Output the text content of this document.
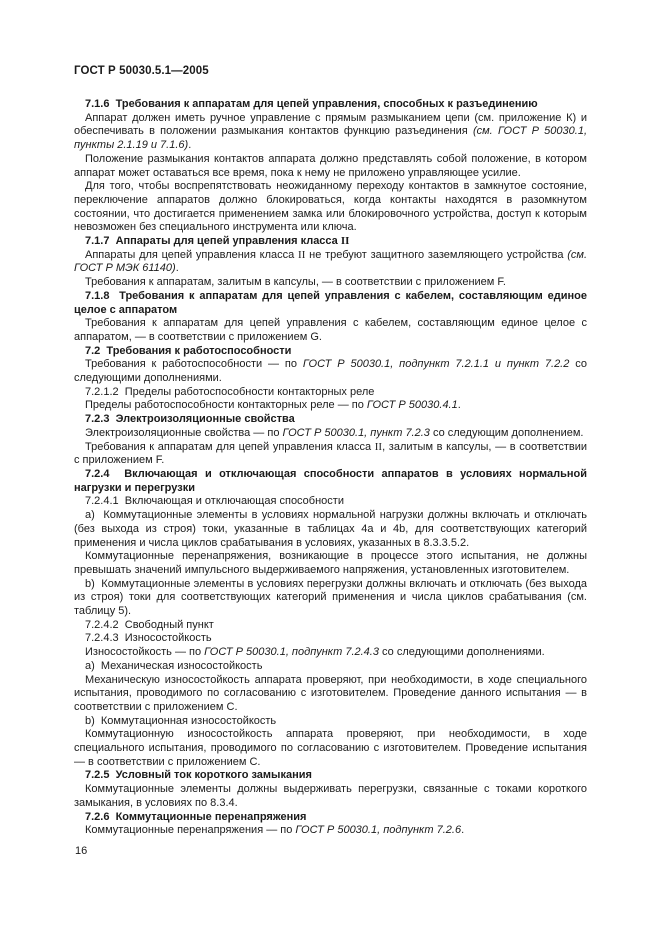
ГОСТ Р 50030.5.1—2005

7.1.6  Требования к аппаратам для цепей управления, способных к разъединению

Аппарат должен иметь ручное управление с прямым размыканием цепи (см. приложение К) и обеспечивать в положении размыкания контактов функцию разъединения (см. ГОСТ Р 50030.1, пункты 2.1.19 и 7.1.6).

Положение размыкания контактов аппарата должно представлять собой положение, в котором аппарат может оставаться все время, пока к нему не приложено управляющее усилие.

Для того, чтобы воспрепятствовать неожиданному переходу контактов в замкнутое состояние, переключение аппаратов должно блокироваться, когда контакты находятся в разомкнутом состоянии, что достигается применением замка или блокировочного устройства, доступ к которым невозможен без специального инструмента или ключа.

7.1.7  Аппараты для цепей управления класса II

Аппараты для цепей управления класса II не требуют защитного заземляющего устройства (см. ГОСТ Р МЭК 61140).

Требования к аппаратам, залитым в капсулы, — в соответствии с приложением F.

7.1.8  Требования к аппаратам для цепей управления с кабелем, составляющим единое целое с аппаратом

Требования к аппаратам для цепей управления с кабелем, составляющим единое целое с аппаратом, — в соответствии с приложением G.

7.2  Требования к работоспособности

Требования к работоспособности — по ГОСТ Р 50030.1, подпункт 7.2.1.1 и пункт 7.2.2 со следующими дополнениями.

7.2.1.2  Пределы работоспособности контакторных реле

Пределы работоспособности контакторных реле — по ГОСТ Р 50030.4.1.

7.2.3  Электроизоляционные свойства

Электроизоляционные свойства — по ГОСТ Р 50030.1, пункт 7.2.3 со следующим дополнением.

Требования к аппаратам для цепей управления класса II, залитым в капсулы, — в соответствии с приложением F.

7.2.4  Включающая и отключающая способности аппаратов в условиях нормальной нагрузки и перегрузки

7.2.4.1  Включающая и отключающая способности

a)  Коммутационные элементы в условиях нормальной нагрузки должны включать и отключать (без выхода из строя) токи, указанные в таблицах 4a и 4b, для соответствующих категорий применения и числа циклов срабатывания в условиях, указанных в 8.3.3.5.2.

Коммутационные перенапряжения, возникающие в процессе этого испытания, не должны превышать значений импульсного выдерживаемого напряжения, установленных изготовителем.

b)  Коммутационные элементы в условиях перегрузки должны включать и отключать (без выхода из строя) токи для соответствующих категорий применения и числа циклов срабатывания (см. таблицу 5).

7.2.4.2  Свободный пункт

7.2.4.3  Износостойкость

Износостойкость — по ГОСТ Р 50030.1, подпункт 7.2.4.3 со следующими дополнениями.

a)  Механическая износостойкость

Механическую износостойкость аппарата проверяют, при необходимости, в ходе специального испытания, проводимого по согласованию с изготовителем. Проведение данного испытания — в соответствии с приложением C.

b)  Коммутационная износостойкость

Коммутационную износостойкость аппарата проверяют, при необходимости, в ходе специального испытания, проводимого по согласованию с изготовителем. Проведение испытания — в соответствии с приложением C.

7.2.5  Условный ток короткого замыкания

Коммутационные элементы должны выдерживать перегрузки, связанные с токами короткого замыкания, в условиях по 8.3.4.

7.2.6  Коммутационные перенапряжения

Коммутационные перенапряжения — по ГОСТ Р 50030.1, подпункт 7.2.6.

16
